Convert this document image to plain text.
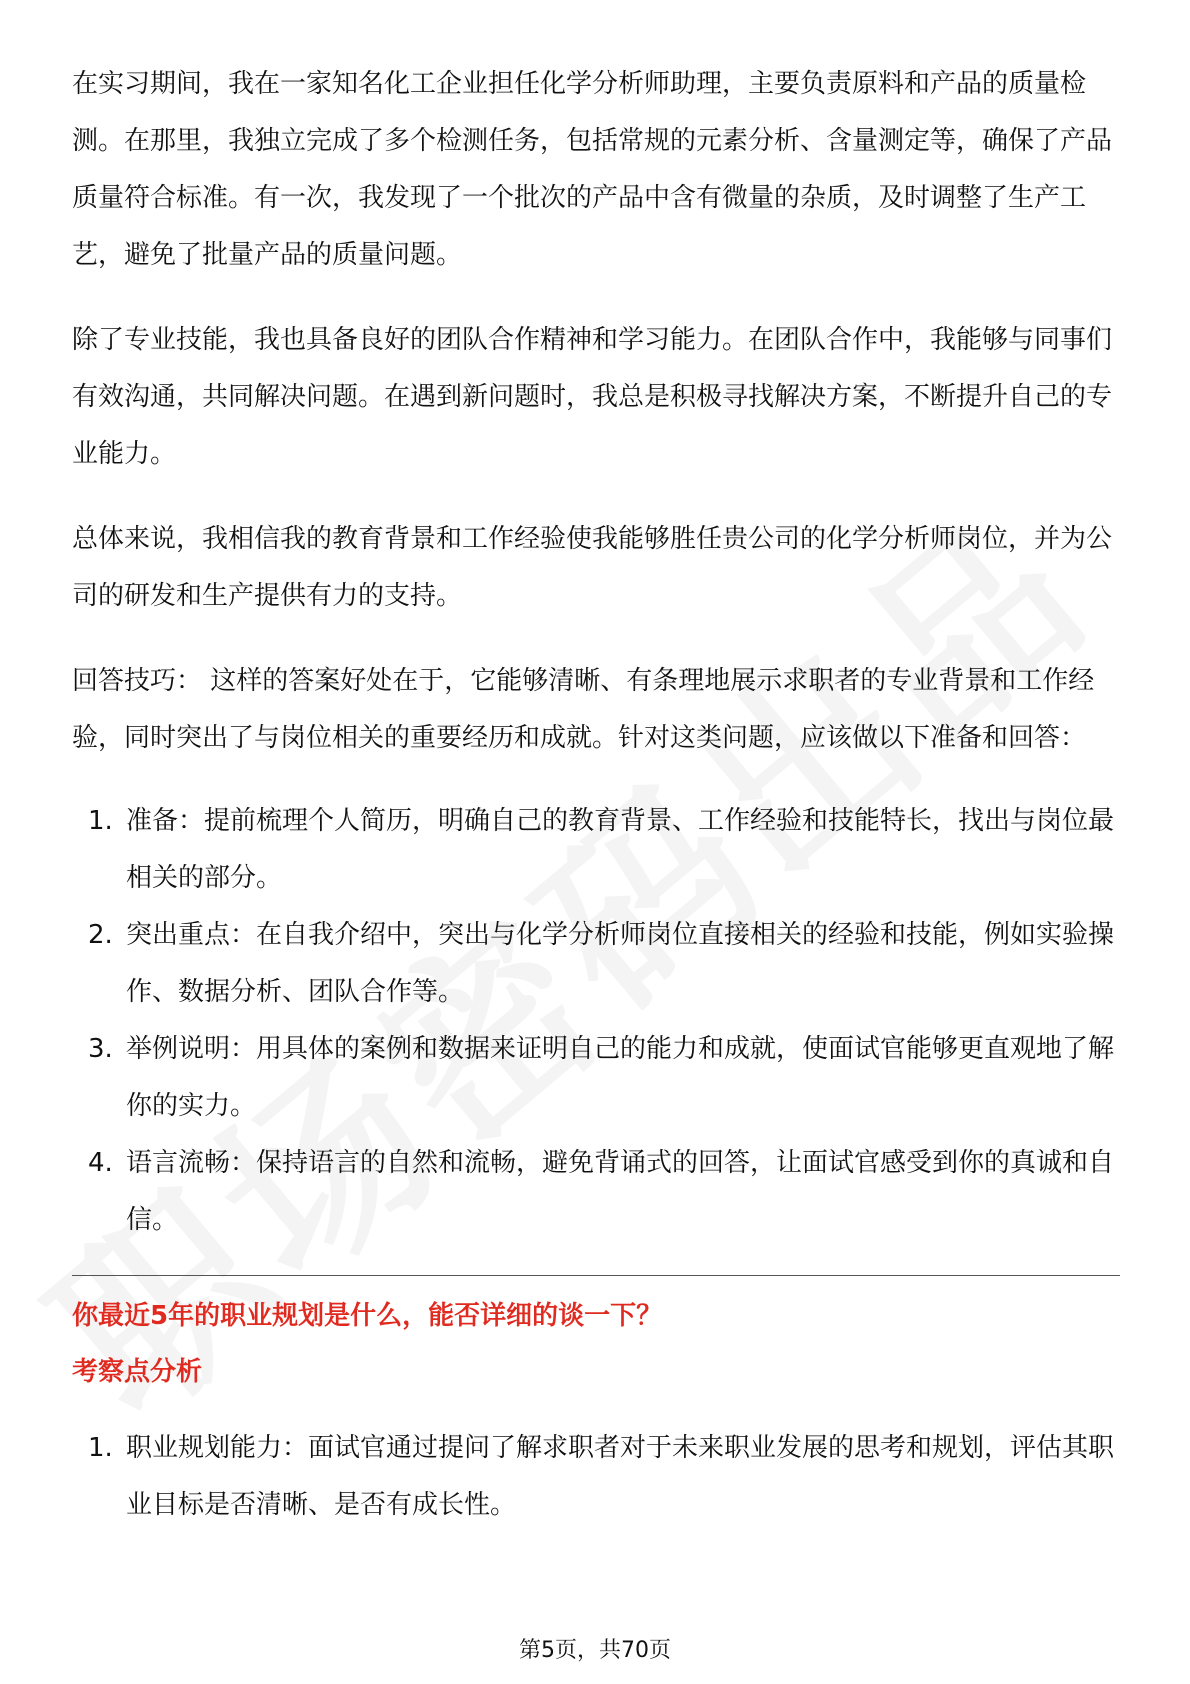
在实习期间，我在一家知名化工企业担任化学分析师助理，主要负责原料和产品的质量检测。在那里，我独立完成了多个检测任务，包括常规的元素分析、含量测定等，确保了产品质量符合标准。有一次，我发现了一个批次的产品中含有微量的杂质，及时调整了生产工艺，避免了批量产品的质量问题。

除了专业技能，我也具备良好的团队合作精神和学习能力。在团队合作中，我能够与同事们有效沟通，共同解决问题。在遇到新问题时，我总是积极寻找解决方案，不断提升自己的专业能力。

总体来说，我相信我的教育背景和工作经验使我能够胜任贵公司的化学分析师岗位，并为公司的研发和生产提供有力的支持。

回答技巧： 这样的答案好处在于，它能够清晰、有条理地展示求职者的专业背景和工作经验，同时突出了与岗位相关的重要经历和成就。针对这类问题，应该做以下准备和回答：

1. 准备：提前梳理个人简历，明确自己的教育背景、工作经验和技能特长，找出与岗位最相关的部分。
2. 突出重点：在自我介绍中，突出与化学分析师岗位直接相关的经验和技能，例如实验操作、数据分析、团队合作等。
3. 举例说明：用具体的案例和数据来证明自己的能力和成就，使面试官能够更直观地了解你的实力。
4. 语言流畅：保持语言的自然和流畅，避免背诵式的回答，让面试官感受到你的真诚和自信。
你最近5年的职业规划是什么，能否详细的谈一下？
考察点分析
1. 职业规划能力：面试官通过提问了解求职者对于未来职业发展的思考和规划，评估其职业目标是否清晰、是否有成长性。
第5页，共70页
